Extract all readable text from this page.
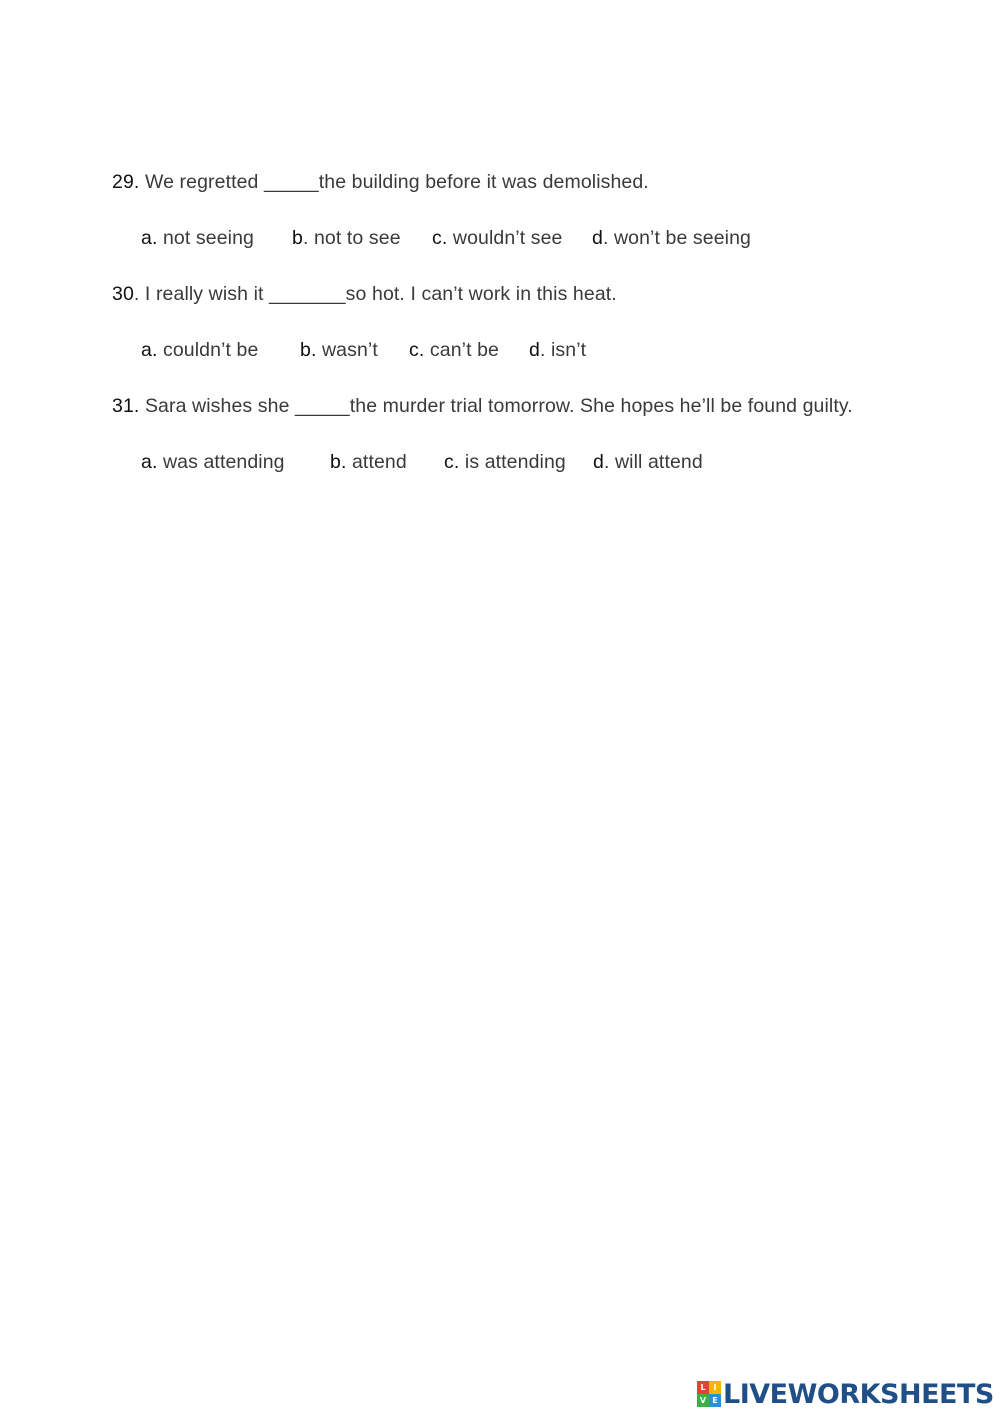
29. We regretted _____the building before it was demolished.
a. not seeing b. not to see c. wouldn’t see d. won’t be seeing
30. I really wish it _______so hot. I can’t work in this heat.
a. couldn’t be b. wasn’t c. can’t be d. isn’t
31. Sara wishes she _____the murder trial tomorrow. She hopes he’ll be found guilty.
a. was attending b. attend c. is attending d. will attend
L I
V E LIVEWORKSHEETS
